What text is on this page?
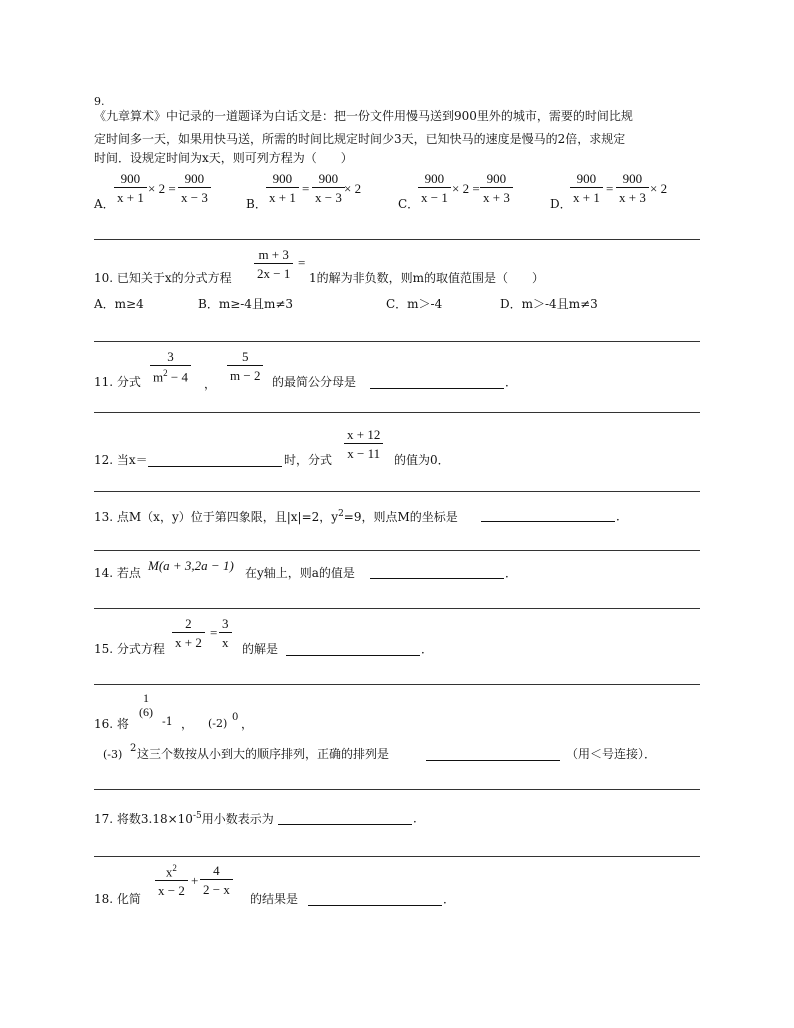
9.
《九章算术》中记录的一道题译为白话文是：把一份文件用慢马送到900里外的城市，需要的时间比规
定时间多一天，如果用快马送，所需的时间比规定时间少3天，已知快马的速度是慢马的2倍，求规定
时间．设规定时间为x天，则可列方程为（　　）
A． $\frac{900}{x + 1} \times 2 = \frac{900}{x - 3}$	B． $\frac{900}{x + 1} = \frac{900}{x - 3} \times 2$
C．
$\frac{900}{x - 1} \times 2 = \frac{900}{x + 3}$	D．
$\frac{900}{x + 1} = \frac{900}{x + 3} \times 2$
10. 已知关于x的分式方程 $\frac{m + 3}{2x - 1}$ =
1的解为非负数，则m的取值范围是（　　）
A．m≥4	B．m≥-4且m≠3	C．m＞-4	D．m＞-4且m≠3
11. 分式 $\frac{3}{m^2 - 4}$
，
$\frac{5}{m - 2}$ 的最简公分母是	．
12. 当x＝	时，分式 $\frac{x + 12}{x - 11}$ 的值为0．
13. 点M（x，y）位于第四象限，且|x|=2，$y^2=9$，则点M的坐标是	．
14. 若点 M(a + 3,2a − 1) 在y轴上，则a的值是	．
15. 分式方程 $\frac{2}{x + 2} = \frac{3}{x}$ 的解是	．
16. 将
1
(6)
-1 ， (-2) 0 ，
(-3) 2 这三个数按从小到大的顺序排列，正确的排列是	（用＜号连接）．
17. 将数$3.18\times 10^{-5}$用小数表示为	．
18. 化简
$\frac{x^2}{x - 2} + \frac{4}{2 - x}$
的结果是	．
